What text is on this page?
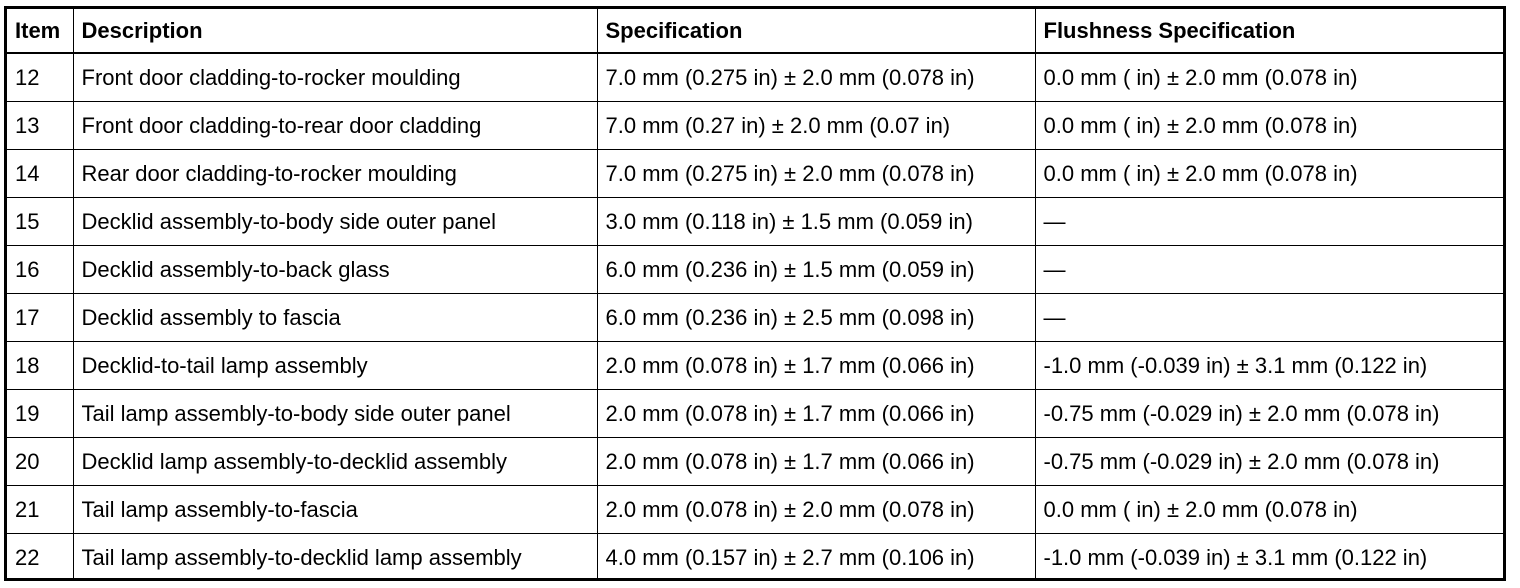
Item	Description	Specification	Flushness Specification
12	Front door cladding-to-rocker moulding	7.0 mm (0.275 in) ± 2.0 mm (0.078 in)	0.0 mm ( in) ± 2.0 mm (0.078 in)
13	Front door cladding-to-rear door cladding	7.0 mm (0.27 in) ± 2.0 mm (0.07 in)	0.0 mm ( in) ± 2.0 mm (0.078 in)
14	Rear door cladding-to-rocker moulding	7.0 mm (0.275 in) ± 2.0 mm (0.078 in)	0.0 mm ( in) ± 2.0 mm (0.078 in)
15	Decklid assembly-to-body side outer panel	3.0 mm (0.118 in) ± 1.5 mm (0.059 in)	—
16	Decklid assembly-to-back glass	6.0 mm (0.236 in) ± 1.5 mm (0.059 in)	—
17	Decklid assembly to fascia	6.0 mm (0.236 in) ± 2.5 mm (0.098 in)	—
18	Decklid-to-tail lamp assembly	2.0 mm (0.078 in) ± 1.7 mm (0.066 in)	-1.0 mm (-0.039 in) ± 3.1 mm (0.122 in)
19	Tail lamp assembly-to-body side outer panel	2.0 mm (0.078 in) ± 1.7 mm (0.066 in)	-0.75 mm (-0.029 in) ± 2.0 mm (0.078 in)
20	Decklid lamp assembly-to-decklid assembly	2.0 mm (0.078 in) ± 1.7 mm (0.066 in)	-0.75 mm (-0.029 in) ± 2.0 mm (0.078 in)
21	Tail lamp assembly-to-fascia	2.0 mm (0.078 in) ± 2.0 mm (0.078 in)	0.0 mm ( in) ± 2.0 mm (0.078 in)
22	Tail lamp assembly-to-decklid lamp assembly	4.0 mm (0.157 in) ± 2.7 mm (0.106 in)	-1.0 mm (-0.039 in) ± 3.1 mm (0.122 in)
